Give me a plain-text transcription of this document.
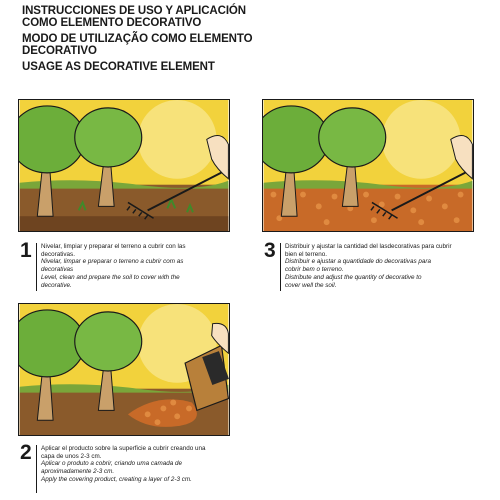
INSTRUCCIONES DE USO Y APLICACIÓN
COMO ELEMENTO DECORATIVO
MODO DE UTILIZAÇÃO COMO ELEMENTO
DECORATIVO
USAGE AS DECORATIVE ELEMENT
1 Nivelar, limpiar y preparar el terreno a cubrir con las
decorativas.
Nivelar, limpar e preparar o terreno a cubrir com as
decorativas
Level, clean and prepare the soil to cover with the
decorative.
3 Distribuir y ajustar la cantidad del lasdecorativas para cubrir
bien el terreno.
Distribuir e ajustar a quantidade do decorativas para
cobrir bem o terreno.
Distribute and adjust the quantity of decorative to
cover well the soil.
2 Aplicar el producto sobre la superficie a cubrir creando una
capa de unos 2-3 cm.
Aplicar o produto a cobrir, criando uma camada de
aproximadamente 2-3 cm.
Apply the covering product, creating a layer of 2-3 cm.
